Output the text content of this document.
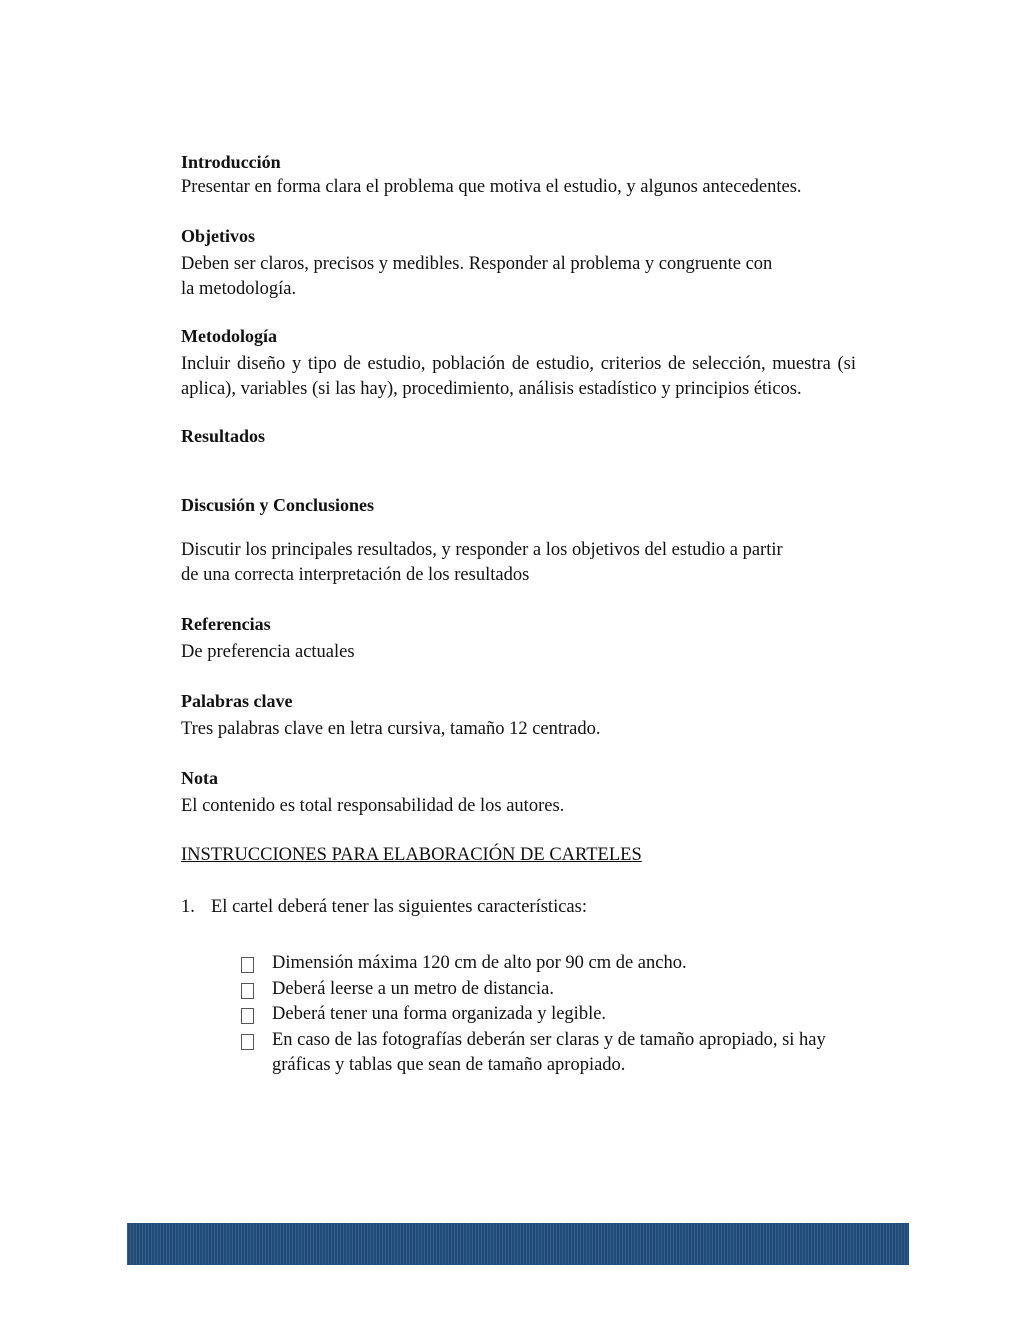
Introducción

Presentar en forma clara el problema que motiva el estudio, y algunos antecedentes.

Objetivos

Deben ser claros, precisos y medibles. Responder al problema y congruente con

la metodología.

Metodología

Incluir diseño y tipo de estudio, población de estudio, criterios de selección, muestra (si aplica), variables (si las hay), procedimiento, análisis estadístico y principios éticos.

Resultados
Discusión y Conclusiones

Discutir los principales resultados, y responder a los objetivos del estudio a partir

de una correcta interpretación de los resultados

Referencias

De preferencia actuales

Palabras clave

Tres palabras clave en letra cursiva, tamaño 12 centrado.

Nota

El contenido es total responsabilidad de los autores.

INSTRUCCIONES PARA ELABORACIÓN DE CARTELES

1. El cartel deberá tener las siguientes características:

Dimensión máxima 120 cm de alto por 90 cm de ancho.
Deberá leerse a un metro de distancia.
Deberá tener una forma organizada y legible.
En caso de las fotografías deberán ser claras y de tamaño apropiado, si hay gráficas y tablas que sean de tamaño apropiado.
